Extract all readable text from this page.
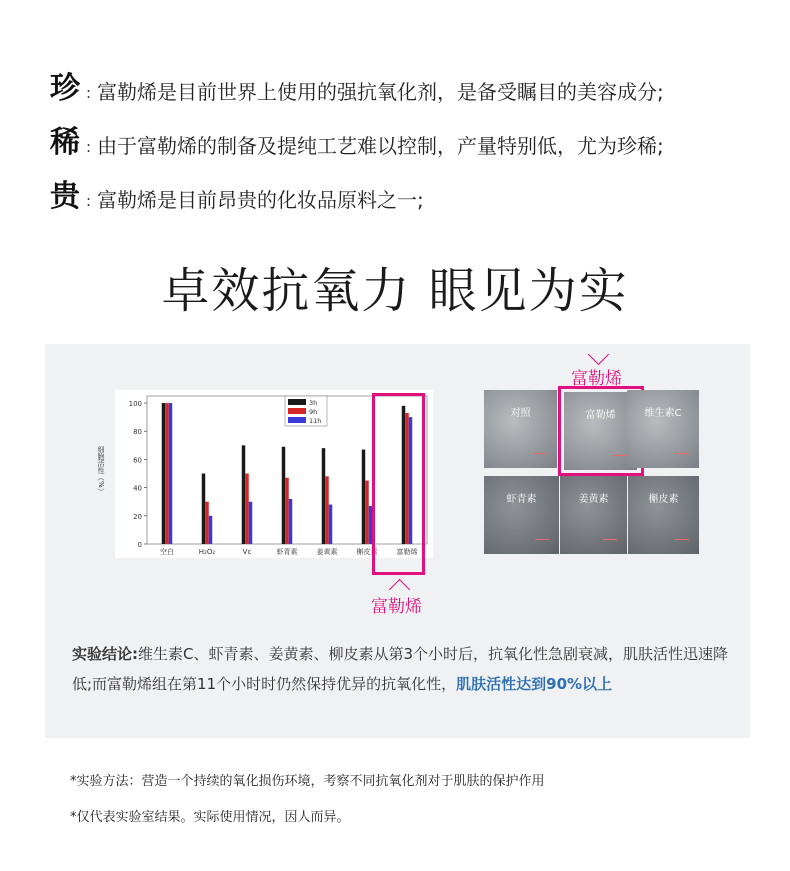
珍 : 富勒烯是目前世界上使用的强抗氧化剂，是备受瞩目的美容成分;
稀 : 由于富勒烯的制备及提纯工艺难以控制，产量特别低，尤为珍稀;
贵 : 富勒烯是目前昂贵的化妆品原料之一;
卓效抗氧力 眼见为实
0
20
40
60
80
100
细胞活性（%）
空白	H₂O₂	Vc	虾青素	姜黄素	槲皮素	富勒烯
3h
9h
11h
富勒烯
富勒烯
对照	富勒烯	维生素C
虾青素	姜黄素	槲皮素
实验结论:维生素C、虾青素、姜黄素、柳皮素从第3个小时后，抗氧化性急剧衰减，肌肤活性迅速降低;而富勒烯组在第11个小时时仍然保持优异的抗氧化性，肌肤活性达到90%以上
*实验方法：营造一个持续的氧化损伤环境，考察不同抗氧化剂对于肌肤的保护作用
*仅代表实验室结果。实际使用情况，因人而异。
